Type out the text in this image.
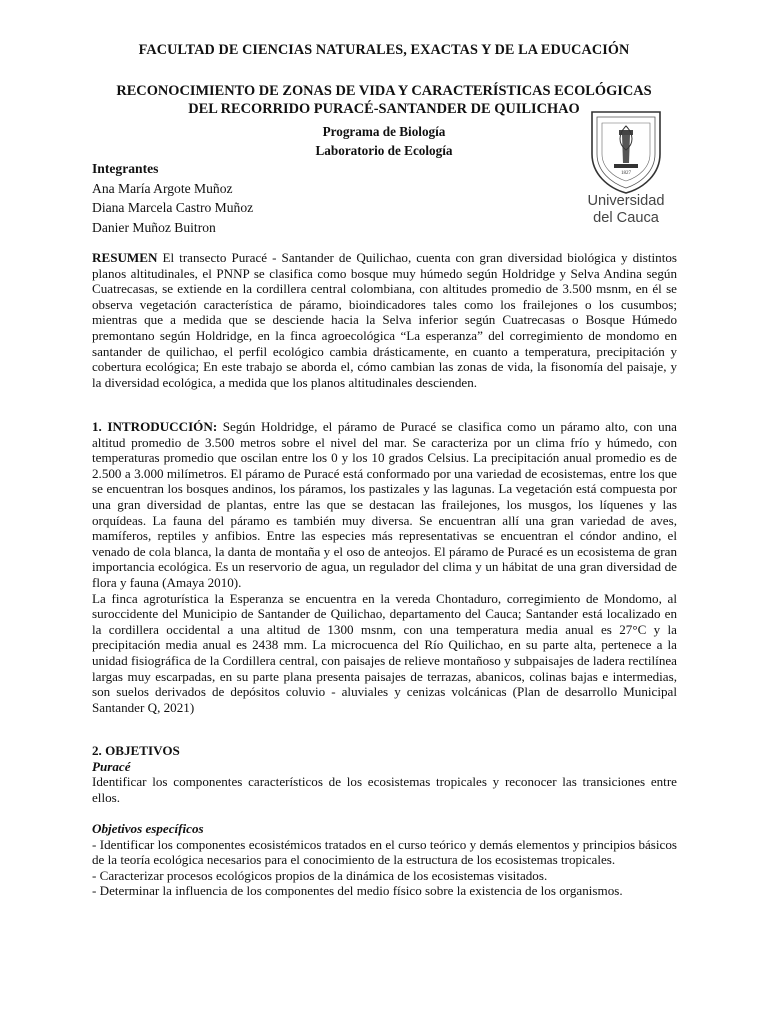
FACULTAD DE CIENCIAS NATURALES, EXACTAS Y DE LA EDUCACIÓN
RECONOCIMIENTO DE ZONAS DE VIDA Y CARACTERÍSTICAS ECOLÓGICAS
DEL RECORRIDO PURACÉ-SANTANDER DE QUILICHAO
Programa de Biología
Laboratorio de Ecología
Integrantes
Ana María Argote Muñoz
Diana Marcela Castro Muñoz
Danier Muñoz Buitron
1827
Universidad
del Cauca

RESUMEN El transecto Puracé - Santander de Quilichao, cuenta con gran diversidad biológica y distintos planos altitudinales, el PNNP se clasifica como bosque muy húmedo según Holdridge y Selva Andina según Cuatrecasas, se extiende en la cordillera central colombiana, con altitudes promedio de 3.500 msnm, en él se observa vegetación característica de páramo, bioindicadores tales como los frailejones o los cusumbos; mientras que a medida que se desciende hacia la Selva inferior según Cuatrecasas o Bosque Húmedo premontano según Holdridge, en la finca agroecológica “La esperanza” del corregimiento de mondomo en santander de quilichao, el perfil ecológico cambia drásticamente, en cuanto a temperatura, precipitación y cobertura ecológica; En este trabajo se aborda el, cómo cambian las zonas de vida, la fisonomía del paisaje, y la diversidad ecológica, a medida que los planos altitudinales descienden.

1. INTRODUCCIÓN: Según Holdridge, el páramo de Puracé se clasifica como un páramo alto, con una altitud promedio de 3.500 metros sobre el nivel del mar. Se caracteriza por un clima frío y húmedo, con temperaturas promedio que oscilan entre los 0 y los 10 grados Celsius. La precipitación anual promedio es de 2.500 a 3.000 milímetros. El páramo de Puracé está conformado por una variedad de ecosistemas, entre los que se encuentran los bosques andinos, los páramos, los pastizales y las lagunas. La vegetación está compuesta por una gran diversidad de plantas, entre las que se destacan las frailejones, los musgos, los líquenes y las orquídeas. La fauna del páramo es también muy diversa. Se encuentran allí una gran variedad de aves, mamíferos, reptiles y anfibios. Entre las especies más representativas se encuentran el cóndor andino, el venado de cola blanca, la danta de montaña y el oso de anteojos. El páramo de Puracé es un ecosistema de gran importancia ecológica. Es un reservorio de agua, un regulador del clima y un hábitat de una gran diversidad de flora y fauna (Amaya 2010).

La finca agroturística la Esperanza se encuentra en la vereda Chontaduro, corregimiento de Mondomo, al suroccidente del Municipio de Santander de Quilichao, departamento del Cauca; Santander está localizado en la cordillera occidental a una altitud de 1300 msnm, con una temperatura media anual es 27°C y la precipitación media anual es 2438 mm. La microcuenca del Río Quilichao, en su parte alta, pertenece a la unidad fisiográfica de la Cordillera central, con paisajes de relieve montañoso y subpaisajes de ladera rectilínea largas muy escarpadas, en su parte plana presenta paisajes de terrazas, abanicos, colinas bajas e intermedias, son suelos derivados de depósitos coluvio - aluviales y cenizas volcánicas (Plan de desarrollo Municipal Santander Q, 2021)

2. OBJETIVOS

Puracé

Identificar los componentes característicos de los ecosistemas tropicales y reconocer las transiciones entre ellos.

Objetivos específicos

- Identificar los componentes ecosistémicos tratados en el curso teórico y demás elementos y principios básicos de la teoría ecológica necesarios para el conocimiento de la estructura de los ecosistemas tropicales.

- Caracterizar procesos ecológicos propios de la dinámica de los ecosistemas visitados.

- Determinar la influencia de los componentes del medio físico sobre la existencia de los organismos.
